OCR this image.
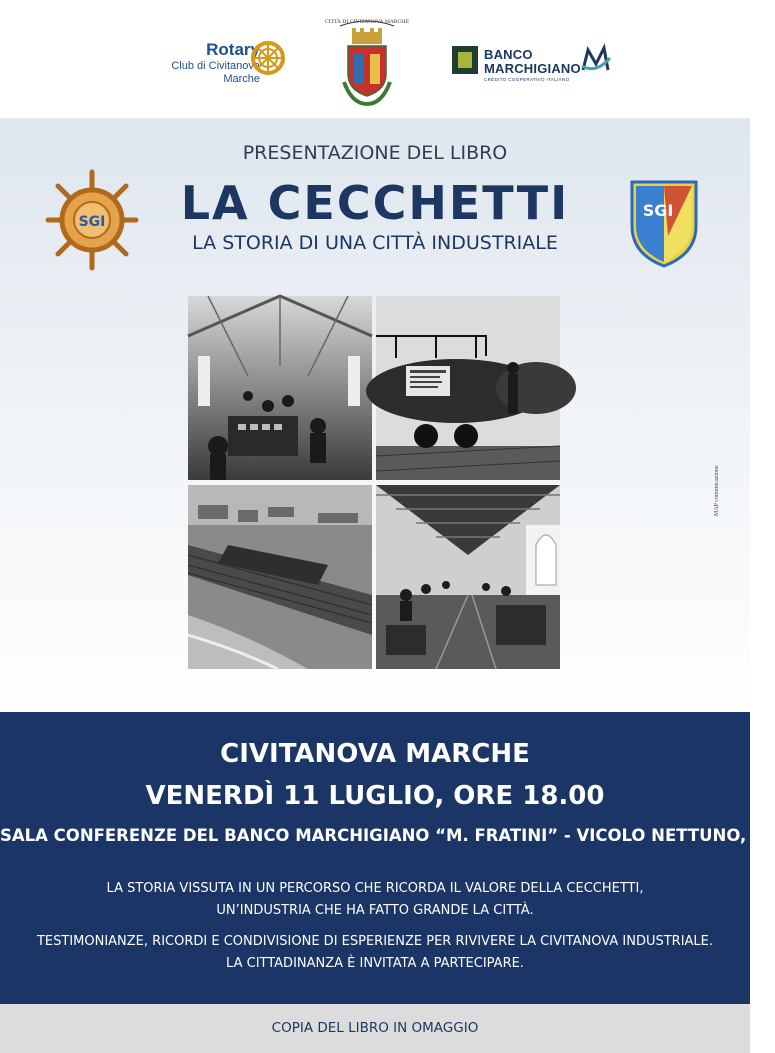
Rotary
Club di Civitanova Marche
CITTÀ DI CIVITANOVA MARCHE
BANCO
MARCHIGIANO
CREDITO COOPERATIVO ITALIANO
PRESENTAZIONE DEL LIBRO
LA CECCHETTI
LA STORIA DI UNA CITTÀ INDUSTRIALE
SGI
SGI
MAP comunicazione
CIVITANOVA MARCHE
VENERDÌ 11 LUGLIO, ORE 18.00
SALA CONFERENZE DEL BANCO MARCHIGIANO “M. FRATINI” - VICOLO NETTUNO, 29
LA STORIA VISSUTA IN UN PERCORSO CHE RICORDA IL VALORE DELLA CECCHETTI,
UN’INDUSTRIA CHE HA FATTO GRANDE LA CITTÀ.
TESTIMONIANZE, RICORDI E CONDIVISIONE DI ESPERIENZE PER RIVIVERE LA CIVITANOVA INDUSTRIALE.
LA CITTADINANZA È INVITATA A PARTECIPARE.
COPIA DEL LIBRO IN OMAGGIO
